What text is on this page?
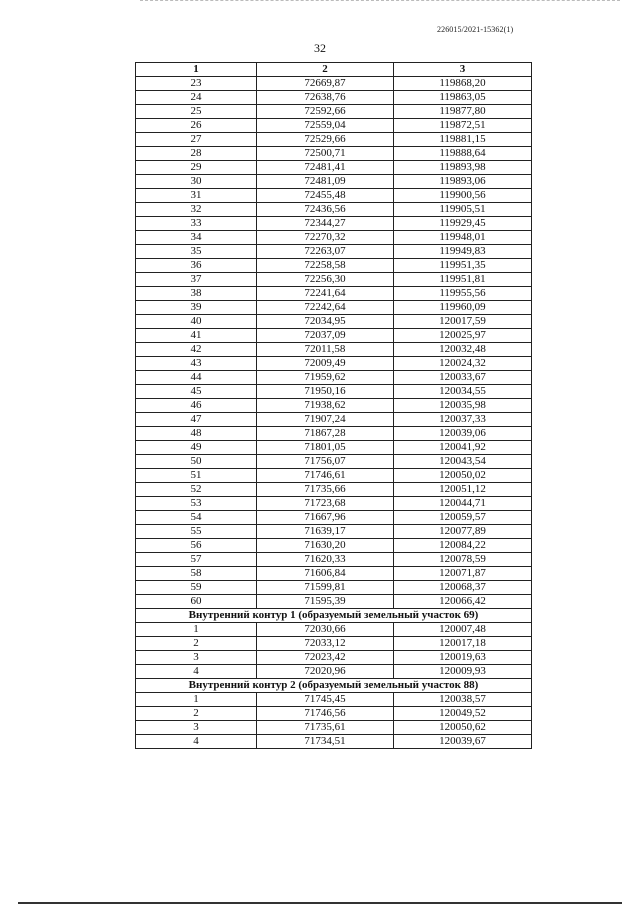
226015/2021-15362(1)
32
1	2	3
23	72669,87	119868,20
24	72638,76	119863,05
25	72592,66	119877,80
26	72559,04	119872,51
27	72529,66	119881,15
28	72500,71	119888,64
29	72481,41	119893,98
30	72481,09	119893,06
31	72455,48	119900,56
32	72436,56	119905,51
33	72344,27	119929,45
34	72270,32	119948,01
35	72263,07	119949,83
36	72258,58	119951,35
37	72256,30	119951,81
38	72241,64	119955,56
39	72242,64	119960,09
40	72034,95	120017,59
41	72037,09	120025,97
42	72011,58	120032,48
43	72009,49	120024,32
44	71959,62	120033,67
45	71950,16	120034,55
46	71938,62	120035,98
47	71907,24	120037,33
48	71867,28	120039,06
49	71801,05	120041,92
50	71756,07	120043,54
51	71746,61	120050,02
52	71735,66	120051,12
53	71723,68	120044,71
54	71667,96	120059,57
55	71639,17	120077,89
56	71630,20	120084,22
57	71620,33	120078,59
58	71606,84	120071,87
59	71599,81	120068,37
60	71595,39	120066,42
Внутренний контур 1 (образуемый земельный участок 69)		
1	72030,66	120007,48
2	72033,12	120017,18
3	72023,42	120019,63
4	72020,96	120009,93
Внутренний контур 2 (образуемый земельный участок 88)		
1	71745,45	120038,57
2	71746,56	120049,52
3	71735,61	120050,62
4	71734,51	120039,67
